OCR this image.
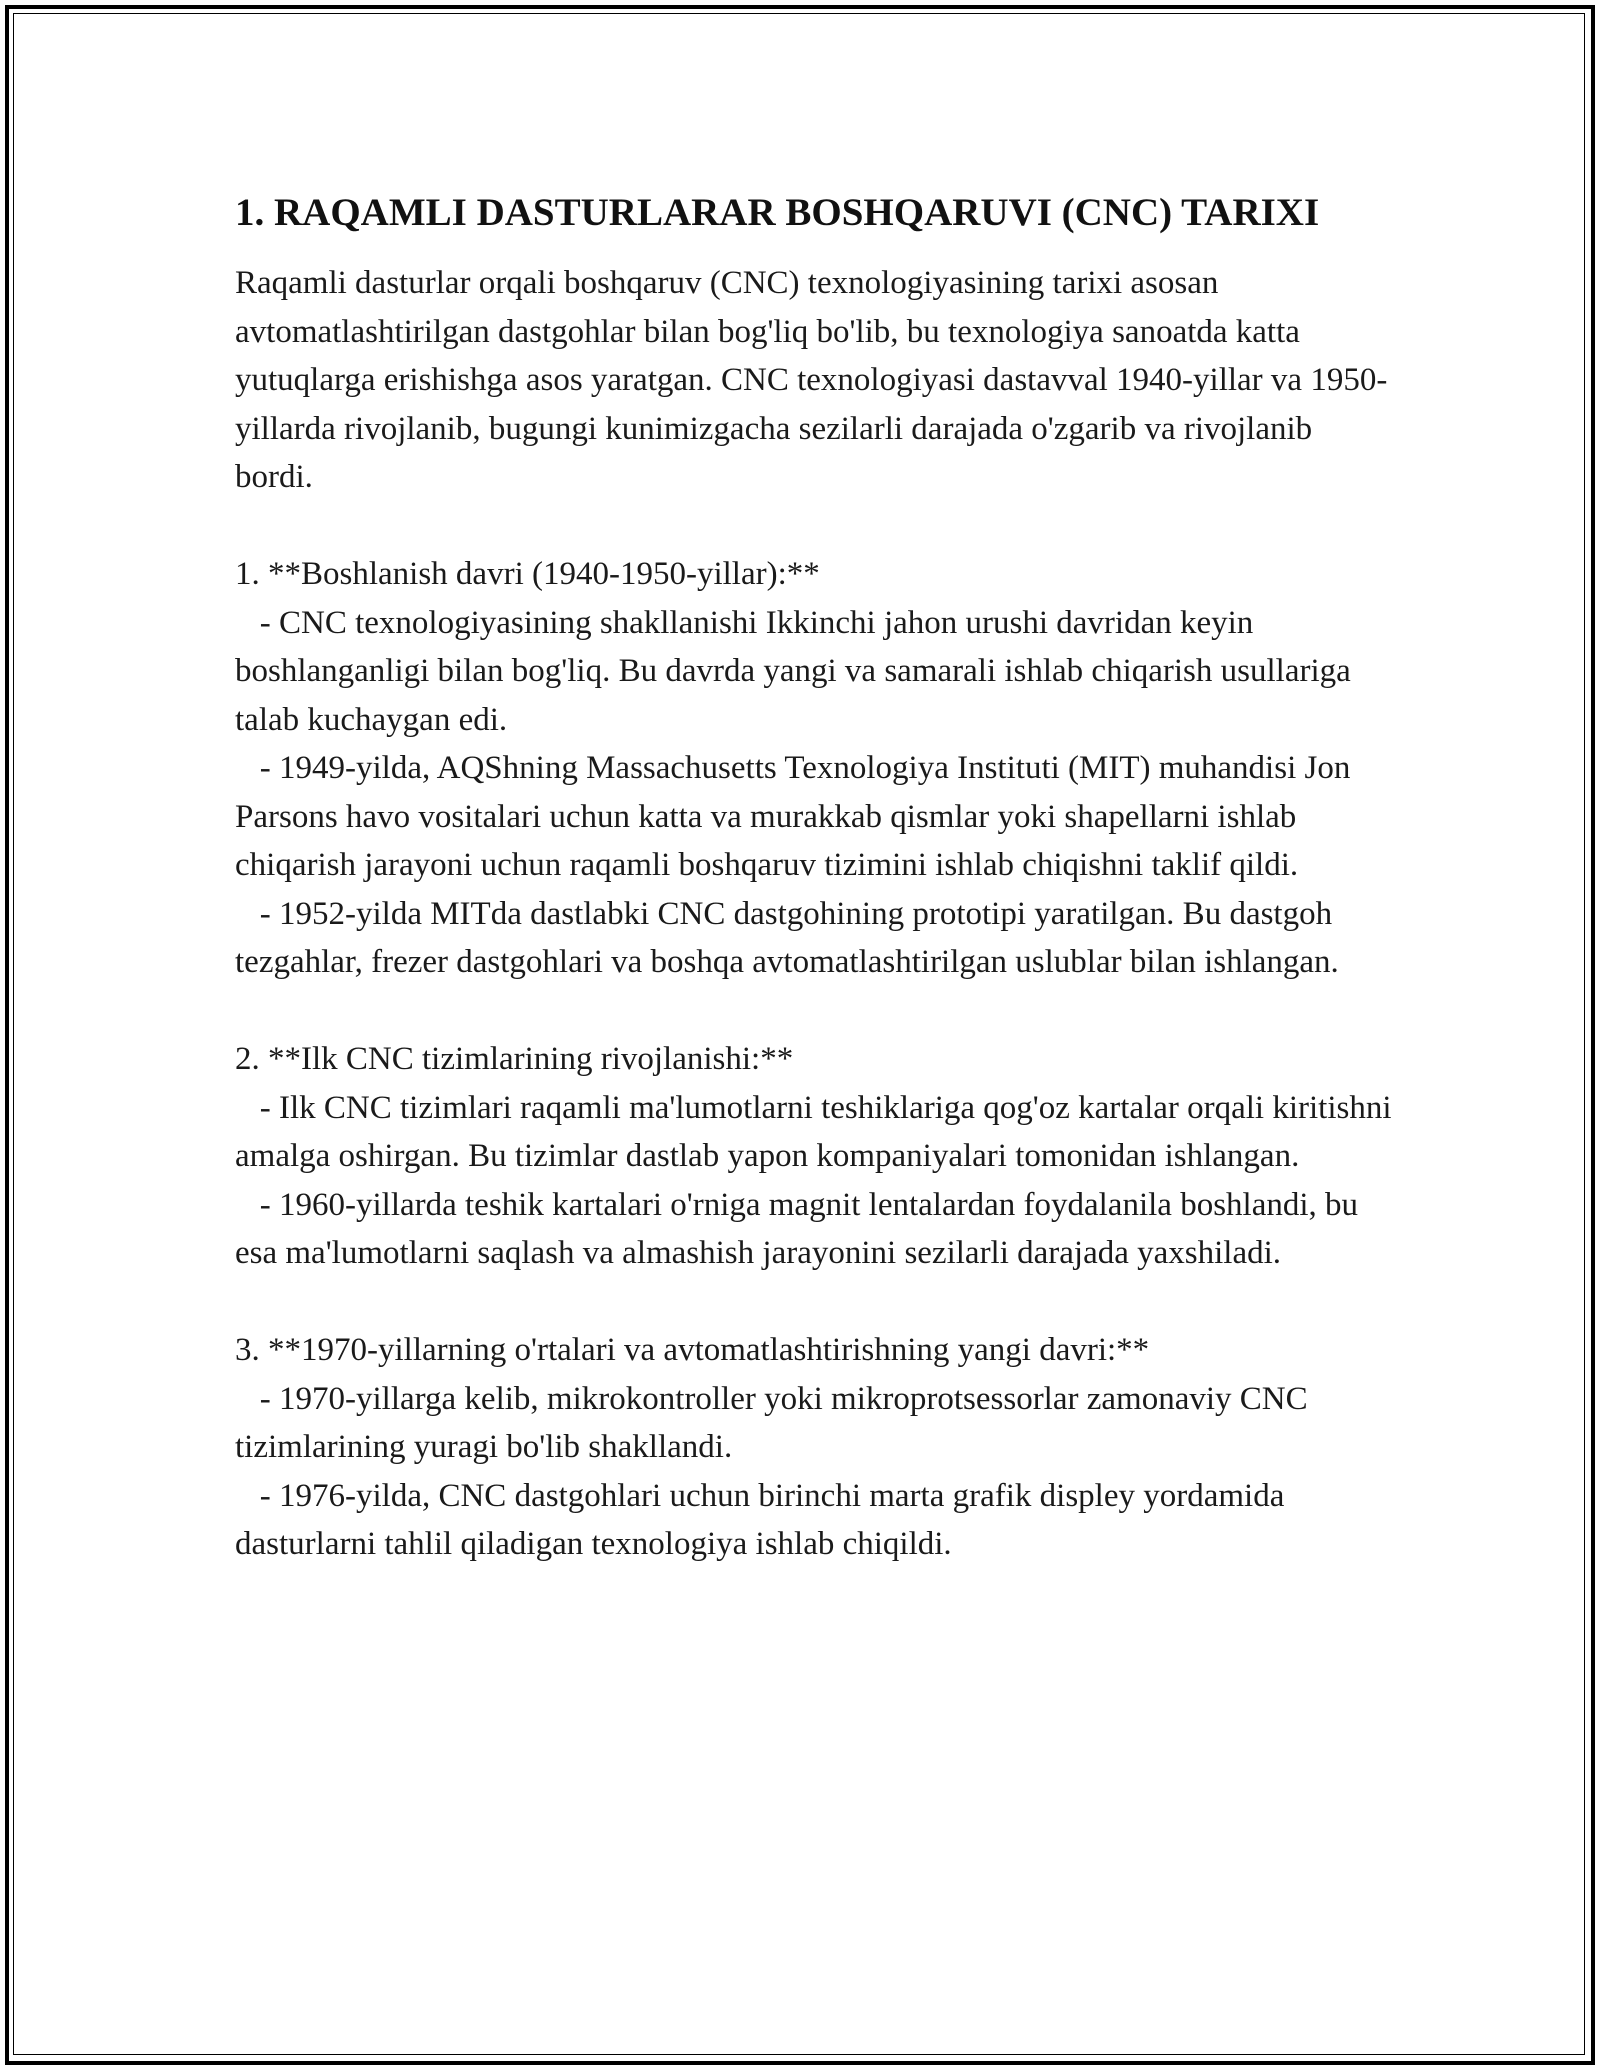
1. RAQAMLI DASTURLARAR BOSHQARUVI (CNC) TARIXI

Raqamli dasturlar orqali boshqaruv (CNC) texnologiyasining tarixi asosan avtomatlashtirilgan dastgohlar bilan bog'liq bo'lib, bu texnologiya sanoatda katta yutuqlarga erishishga asos yaratgan. CNC texnologiyasi dastavval 1940-yillar va 1950-yillarda rivojlanib, bugungi kunimizgacha sezilarli darajada o'zgarib va rivojlanib bordi.

1. **Boshlanish davri (1940-1950-yillar):**

- CNC texnologiyasining shakllanishi Ikkinchi jahon urushi davridan keyin boshlanganligi bilan bog'liq. Bu davrda yangi va samarali ishlab chiqarish usullariga talab kuchaygan edi.

- 1949-yilda, AQShning Massachusetts Texnologiya Instituti (MIT) muhandisi Jon Parsons havo vositalari uchun katta va murakkab qismlar yoki shapellarni ishlab chiqarish jarayoni uchun raqamli boshqaruv tizimini ishlab chiqishni taklif qildi.

- 1952-yilda MITda dastlabki CNC dastgohining prototipi yaratilgan. Bu dastgoh tezgahlar, frezer dastgohlari va boshqa avtomatlashtirilgan uslublar bilan ishlangan.

2. **Ilk CNC tizimlarining rivojlanishi:**

- Ilk CNC tizimlari raqamli ma'lumotlarni teshiklariga qog'oz kartalar orqali kiritishni amalga oshirgan. Bu tizimlar dastlab yapon kompaniyalari tomonidan ishlangan.

- 1960-yillarda teshik kartalari o'rniga magnit lentalardan foydalanila boshlandi, bu esa ma'lumotlarni saqlash va almashish jarayonini sezilarli darajada yaxshiladi.

3. **1970-yillarning o'rtalari va avtomatlashtirishning yangi davri:**

- 1970-yillarga kelib, mikrokontroller yoki mikroprotsessorlar zamonaviy CNC tizimlarining yuragi bo'lib shakllandi.

- 1976-yilda, CNC dastgohlari uchun birinchi marta grafik displey yordamida dasturlarni tahlil qiladigan texnologiya ishlab chiqildi.
